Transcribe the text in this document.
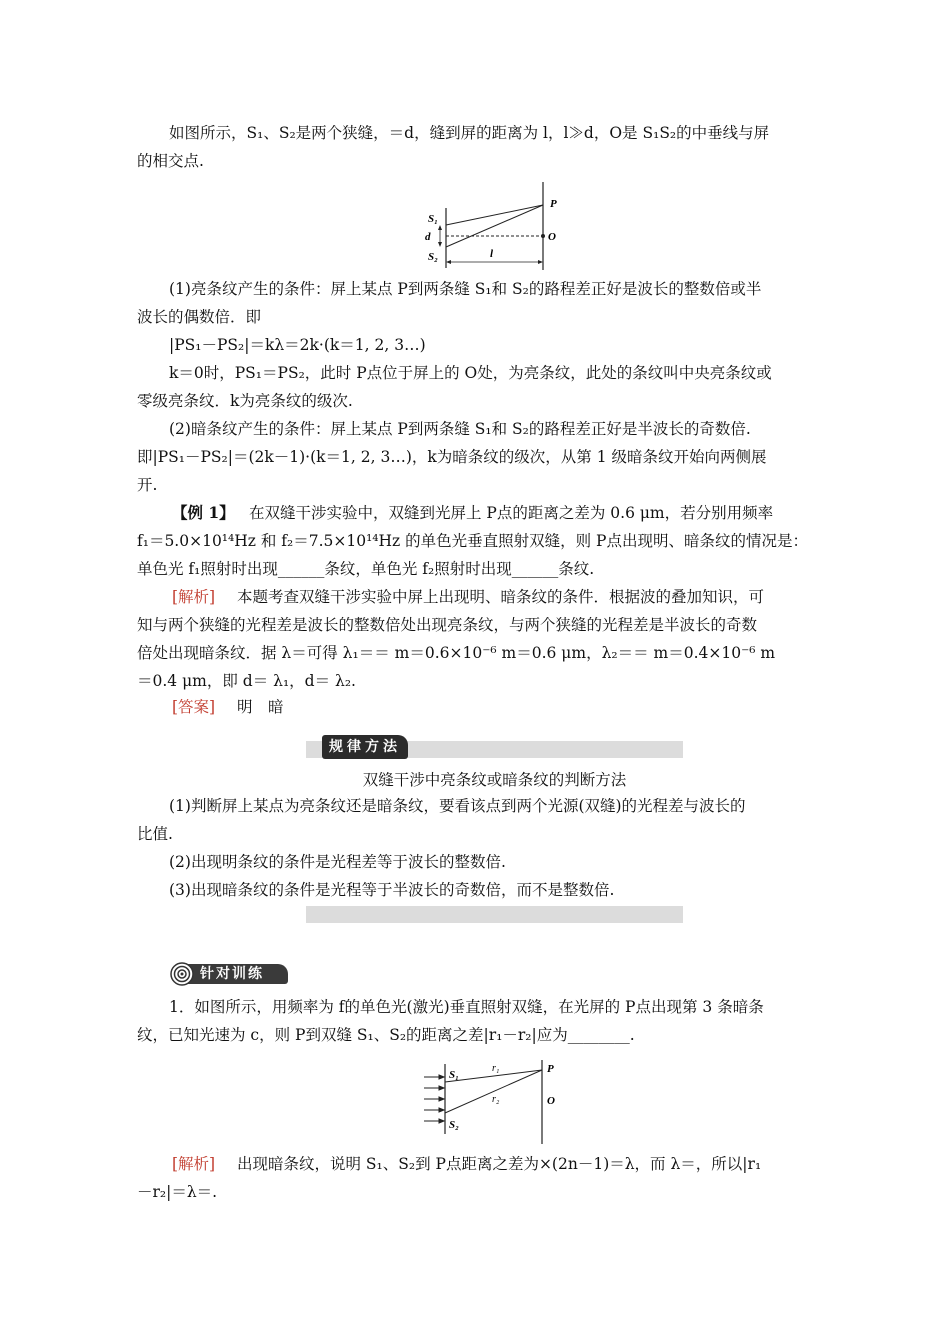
如图所示，S₁、S₂是两个狭缝，＝d，缝到屏的距离为 l，l≫d，O是 S₁S₂的中垂线与屏
的相交点.
S₁
S₂
d
P
O
l
(1)亮条纹产生的条件：屏上某点 P到两条缝 S₁和 S₂的路程差正好是波长的整数倍或半
波长的偶数倍．即
|PS₁－PS₂|＝kλ＝2k·(k＝1, 2, 3…)
k＝0时，PS₁＝PS₂，此时 P点位于屏上的 O处，为亮条纹，此处的条纹叫中央亮条纹或
零级亮条纹．k为亮条纹的级次.
(2)暗条纹产生的条件：屏上某点 P到两条缝 S₁和 S₂的路程差正好是半波长的奇数倍.
即|PS₁－PS₂|＝(2k－1)·(k＝1, 2, 3…)，k为暗条纹的级次，从第 1 级暗条纹开始向两侧展
开.
【例 1】 在双缝干涉实验中，双缝到光屏上 P点的距离之差为 0.6 μm，若分别用频率
f₁＝5.0×10¹⁴Hz 和 f₂＝7.5×10¹⁴Hz 的单色光垂直照射双缝，则 P点出现明、暗条纹的情况是：
单色光 f₁照射时出现______条纹，单色光 f₂照射时出现______条纹.
[解析] 本题考查双缝干涉实验中屏上出现明、暗条纹的条件．根据波的叠加知识，可
知与两个狭缝的光程差是波长的整数倍处出现亮条纹，与两个狭缝的光程差是半波长的奇数
倍处出现暗条纹．据 λ＝可得 λ₁＝＝ m＝0.6×10⁻⁶ m＝0.6 μm，λ₂＝＝ m＝0.4×10⁻⁶ m
＝0.4 μm，即 d＝ λ₁，d＝ λ₂.
[答案] 明　暗
规律方法
双缝干涉中亮条纹或暗条纹的判断方法
(1)判断屏上某点为亮条纹还是暗条纹，要看该点到两个光源(双缝)的光程差与波长的
比值.
(2)出现明条纹的条件是光程差等于波长的整数倍.
(3)出现暗条纹的条件是光程等于半波长的奇数倍，而不是整数倍.
针对训练
1．如图所示，用频率为 f的单色光(激光)垂直照射双缝，在光屏的 P点出现第 3 条暗条
纹，已知光速为 c，则 P到双缝 S₁、S₂的距离之差|r₁－r₂|应为________.
S₁
S₂
r₁
r₂
P
O
[解析] 出现暗条纹，说明 S₁、S₂到 P点距离之差为×(2n－1)＝λ，而 λ＝，所以|r₁
－r₂|＝λ＝.
